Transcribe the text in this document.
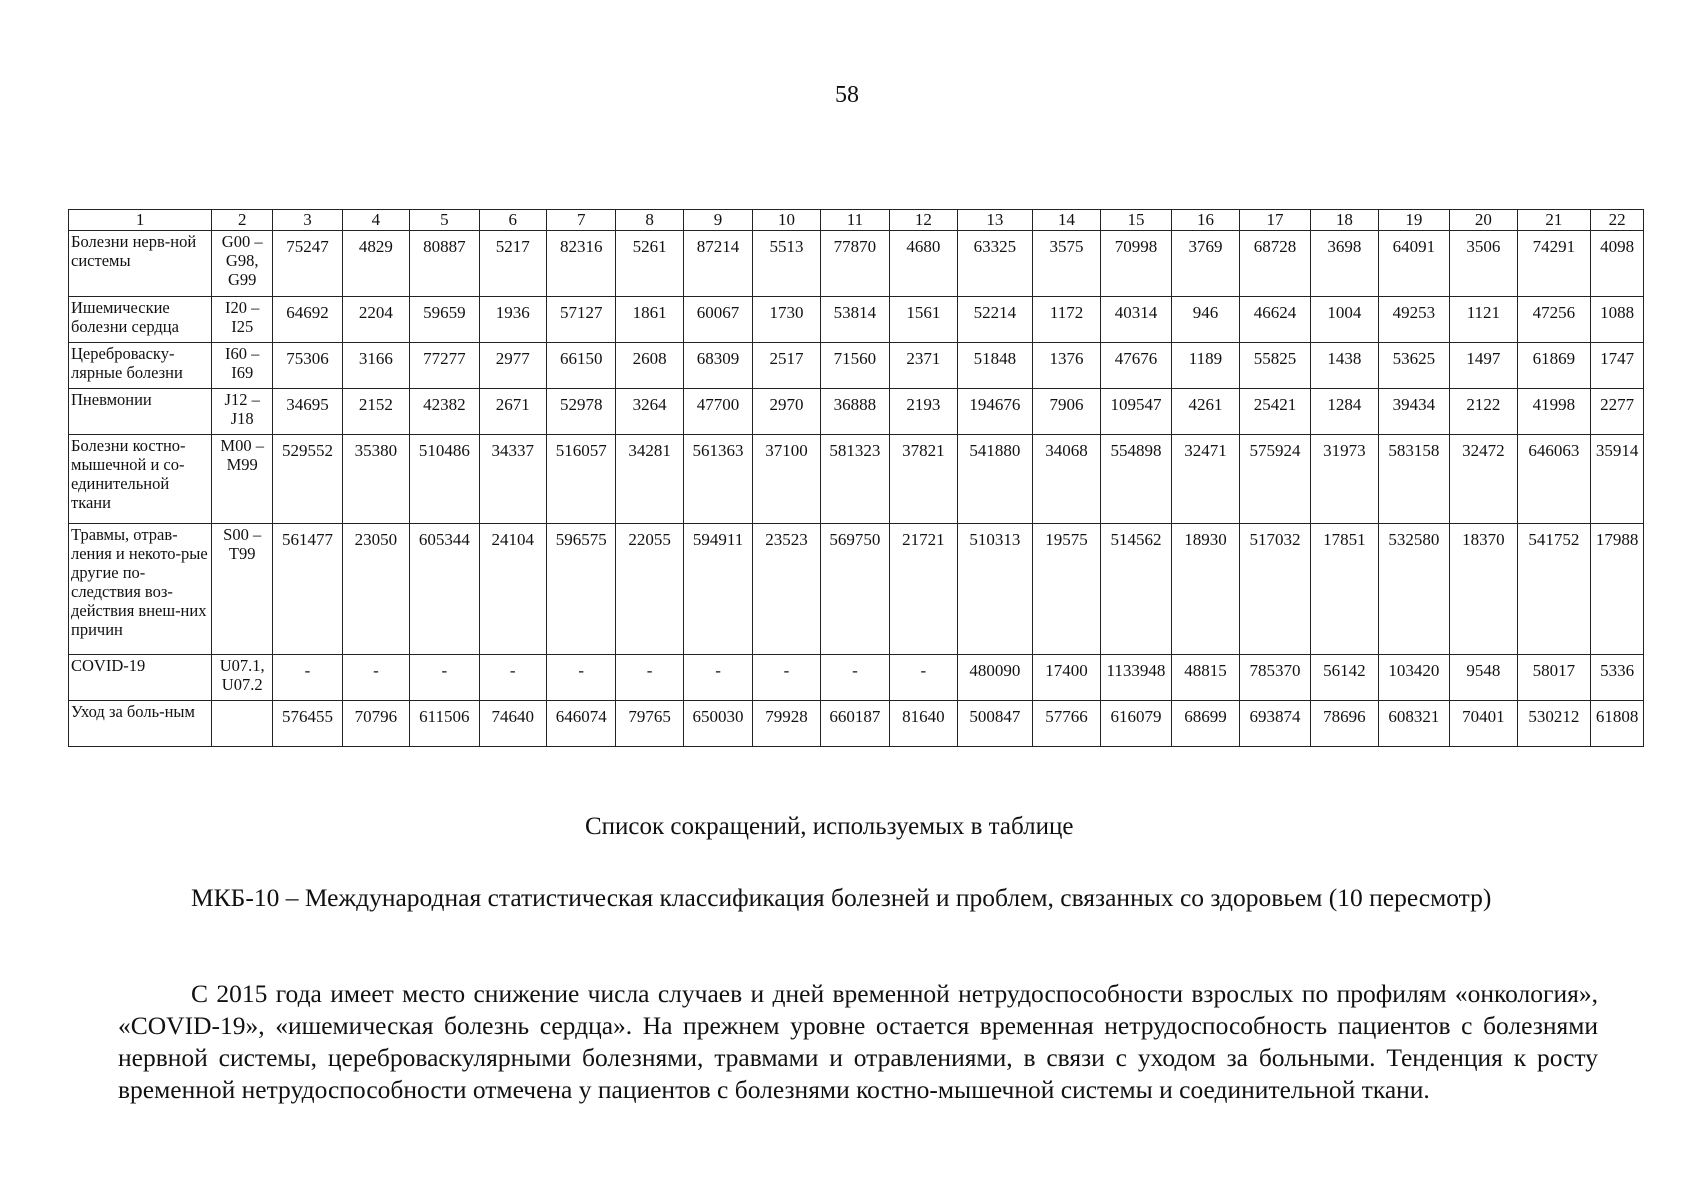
58
1	2	3	4	5	6	7	8	9	10	11	12	13	14	15	16	17	18	19	20	21	22
Болезни нерв-ной системы	G00 – G98, G99	75247	4829	80887	5217	82316	5261	87214	5513	77870	4680	63325	3575	70998	3769	68728	3698	64091	3506	74291	4098
Ишемические болезни сердца	I20 – I25	64692	2204	59659	1936	57127	1861	60067	1730	53814	1561	52214	1172	40314	946	46624	1004	49253	1121	47256	1088
Цереброваску-лярные болезни	I60 – I69	75306	3166	77277	2977	66150	2608	68309	2517	71560	2371	51848	1376	47676	1189	55825	1438	53625	1497	61869	1747
Пневмонии	J12 – J18	34695	2152	42382	2671	52978	3264	47700	2970	36888	2193	194676	7906	109547	4261	25421	1284	39434	2122	41998	2277
Болезни костно-мышечной и со-единительной ткани	M00 – M99	529552	35380	510486	34337	516057	34281	561363	37100	581323	37821	541880	34068	554898	32471	575924	31973	583158	32472	646063	35914
Травмы, отрав-ления и некото-рые другие по-следствия воз-действия внеш-них причин	S00 – T99	561477	23050	605344	24104	596575	22055	594911	23523	569750	21721	510313	19575	514562	18930	517032	17851	532580	18370	541752	17988
COVID-19	U07.1, U07.2	-	-	-	-	-	-	-	-	-	-	480090	17400	1133948	48815	785370	56142	103420	9548	58017	5336
Уход за боль-ным		576455	70796	611506	74640	646074	79765	650030	79928	660187	81640	500847	57766	616079	68699	693874	78696	608321	70401	530212	61808
Список сокращений, используемых в таблице

МКБ-10 – Международная статистическая классификация болезней и проблем, связанных со здоровьем (10 пересмотр)

С 2015 года имеет место снижение числа случаев и дней временной нетрудоспособности взрослых по профилям «онкология», «COVID-19», «ишемическая болезнь сердца». На прежнем уровне остается временная нетрудоспособность пациентов с болезнями нервной системы, цереброваскулярными болезнями, травмами и отравлениями, в связи с уходом за больными. Тенденция к росту временной нетрудоспособности отмечена у пациентов с болезнями костно-мышечной системы и соединительной ткани.
